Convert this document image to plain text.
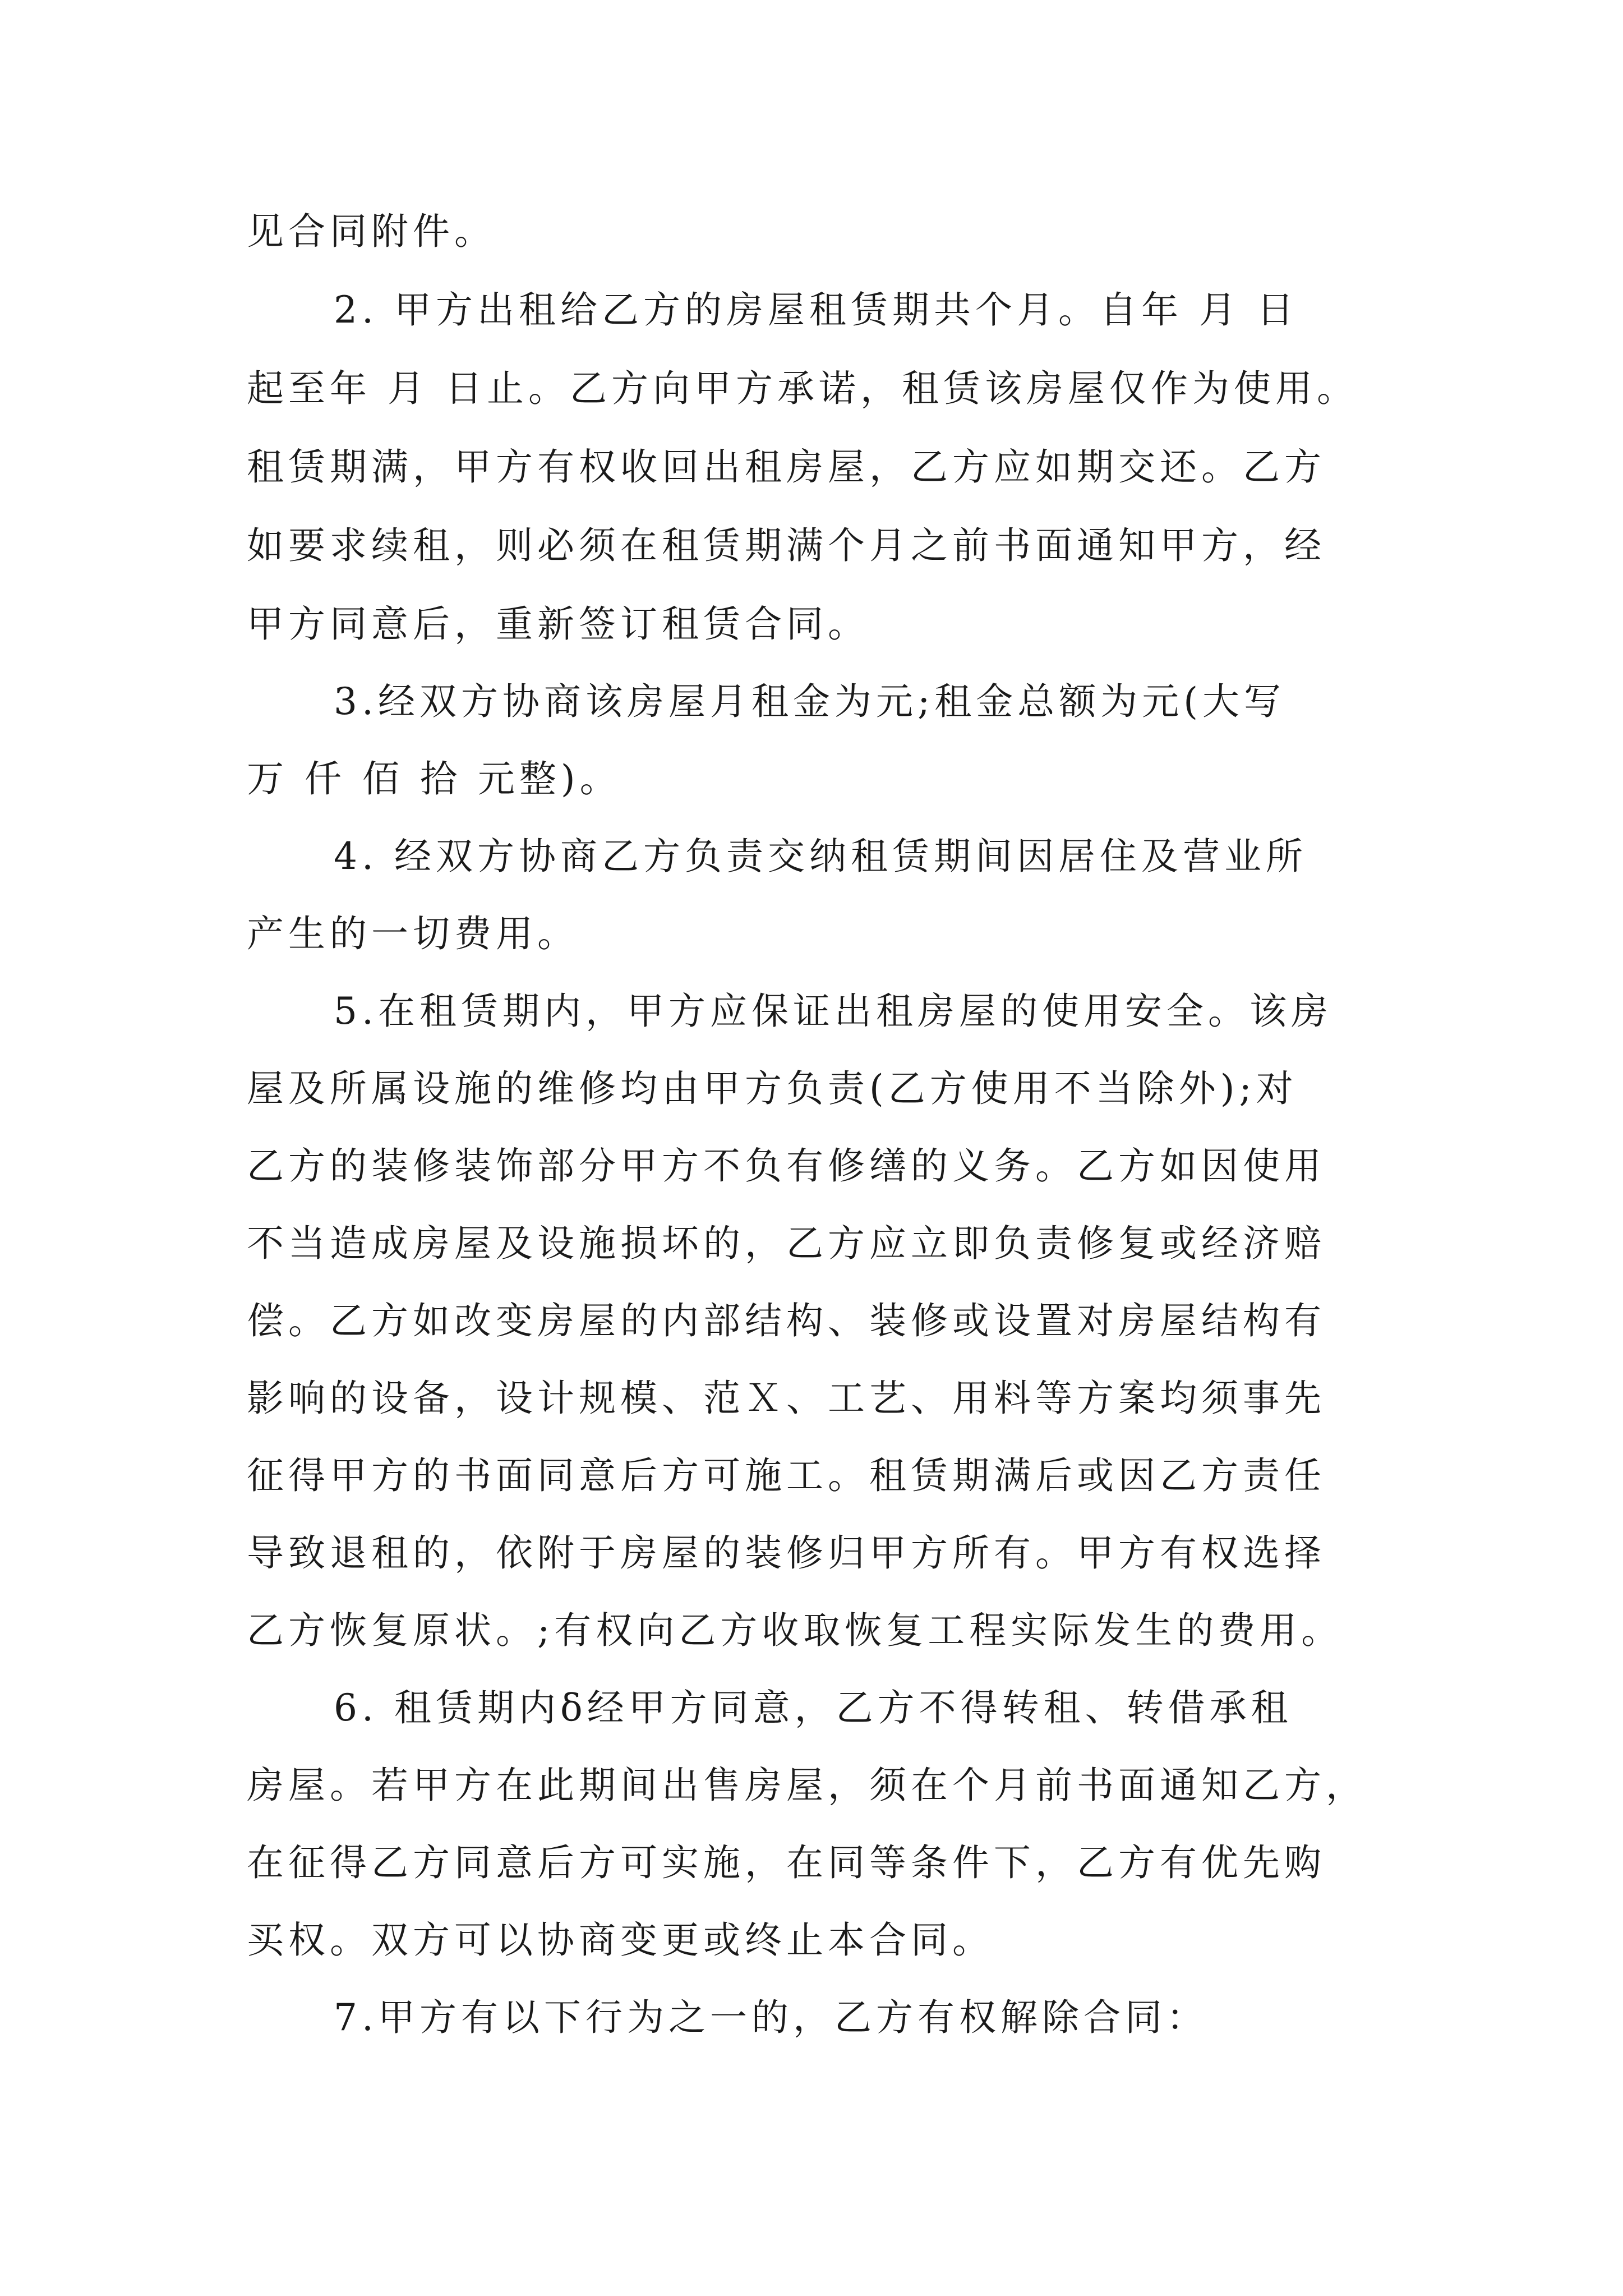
见合同附件。
2. 甲方出租给乙方的房屋租赁期共个月。自年 月 日
起至年 月 日止。乙方向甲方承诺，租赁该房屋仅作为使用。
租赁期满，甲方有权收回出租房屋，乙方应如期交还。乙方
如要求续租，则必须在租赁期满个月之前书面通知甲方，经
甲方同意后，重新签订租赁合同。
3.经双方协商该房屋月租金为元;租金总额为元(大写
万 仟 佰 拾 元整)。
4. 经双方协商乙方负责交纳租赁期间因居住及营业所
产生的一切费用。
5.在租赁期内，甲方应保证出租房屋的使用安全。该房
屋及所属设施的维修均由甲方负责(乙方使用不当除外);对
乙方的装修装饰部分甲方不负有修缮的义务。乙方如因使用
不当造成房屋及设施损坏的，乙方应立即负责修复或经济赔
偿。乙方如改变房屋的内部结构、装修或设置对房屋结构有
影响的设备，设计规模、范Ｘ、工艺、用料等方案均须事先
征得甲方的书面同意后方可施工。租赁期满后或因乙方责任
导致退租的，依附于房屋的装修归甲方所有。甲方有权选择
乙方恢复原状。;有权向乙方收取恢复工程实际发生的费用。
6. 租赁期内δ经甲方同意，乙方不得转租、转借承租
房屋。若甲方在此期间出售房屋，须在个月前书面通知乙方，
在征得乙方同意后方可实施，在同等条件下，乙方有优先购
买权。双方可以协商变更或终止本合同。
7.甲方有以下行为之一的，乙方有权解除合同：
